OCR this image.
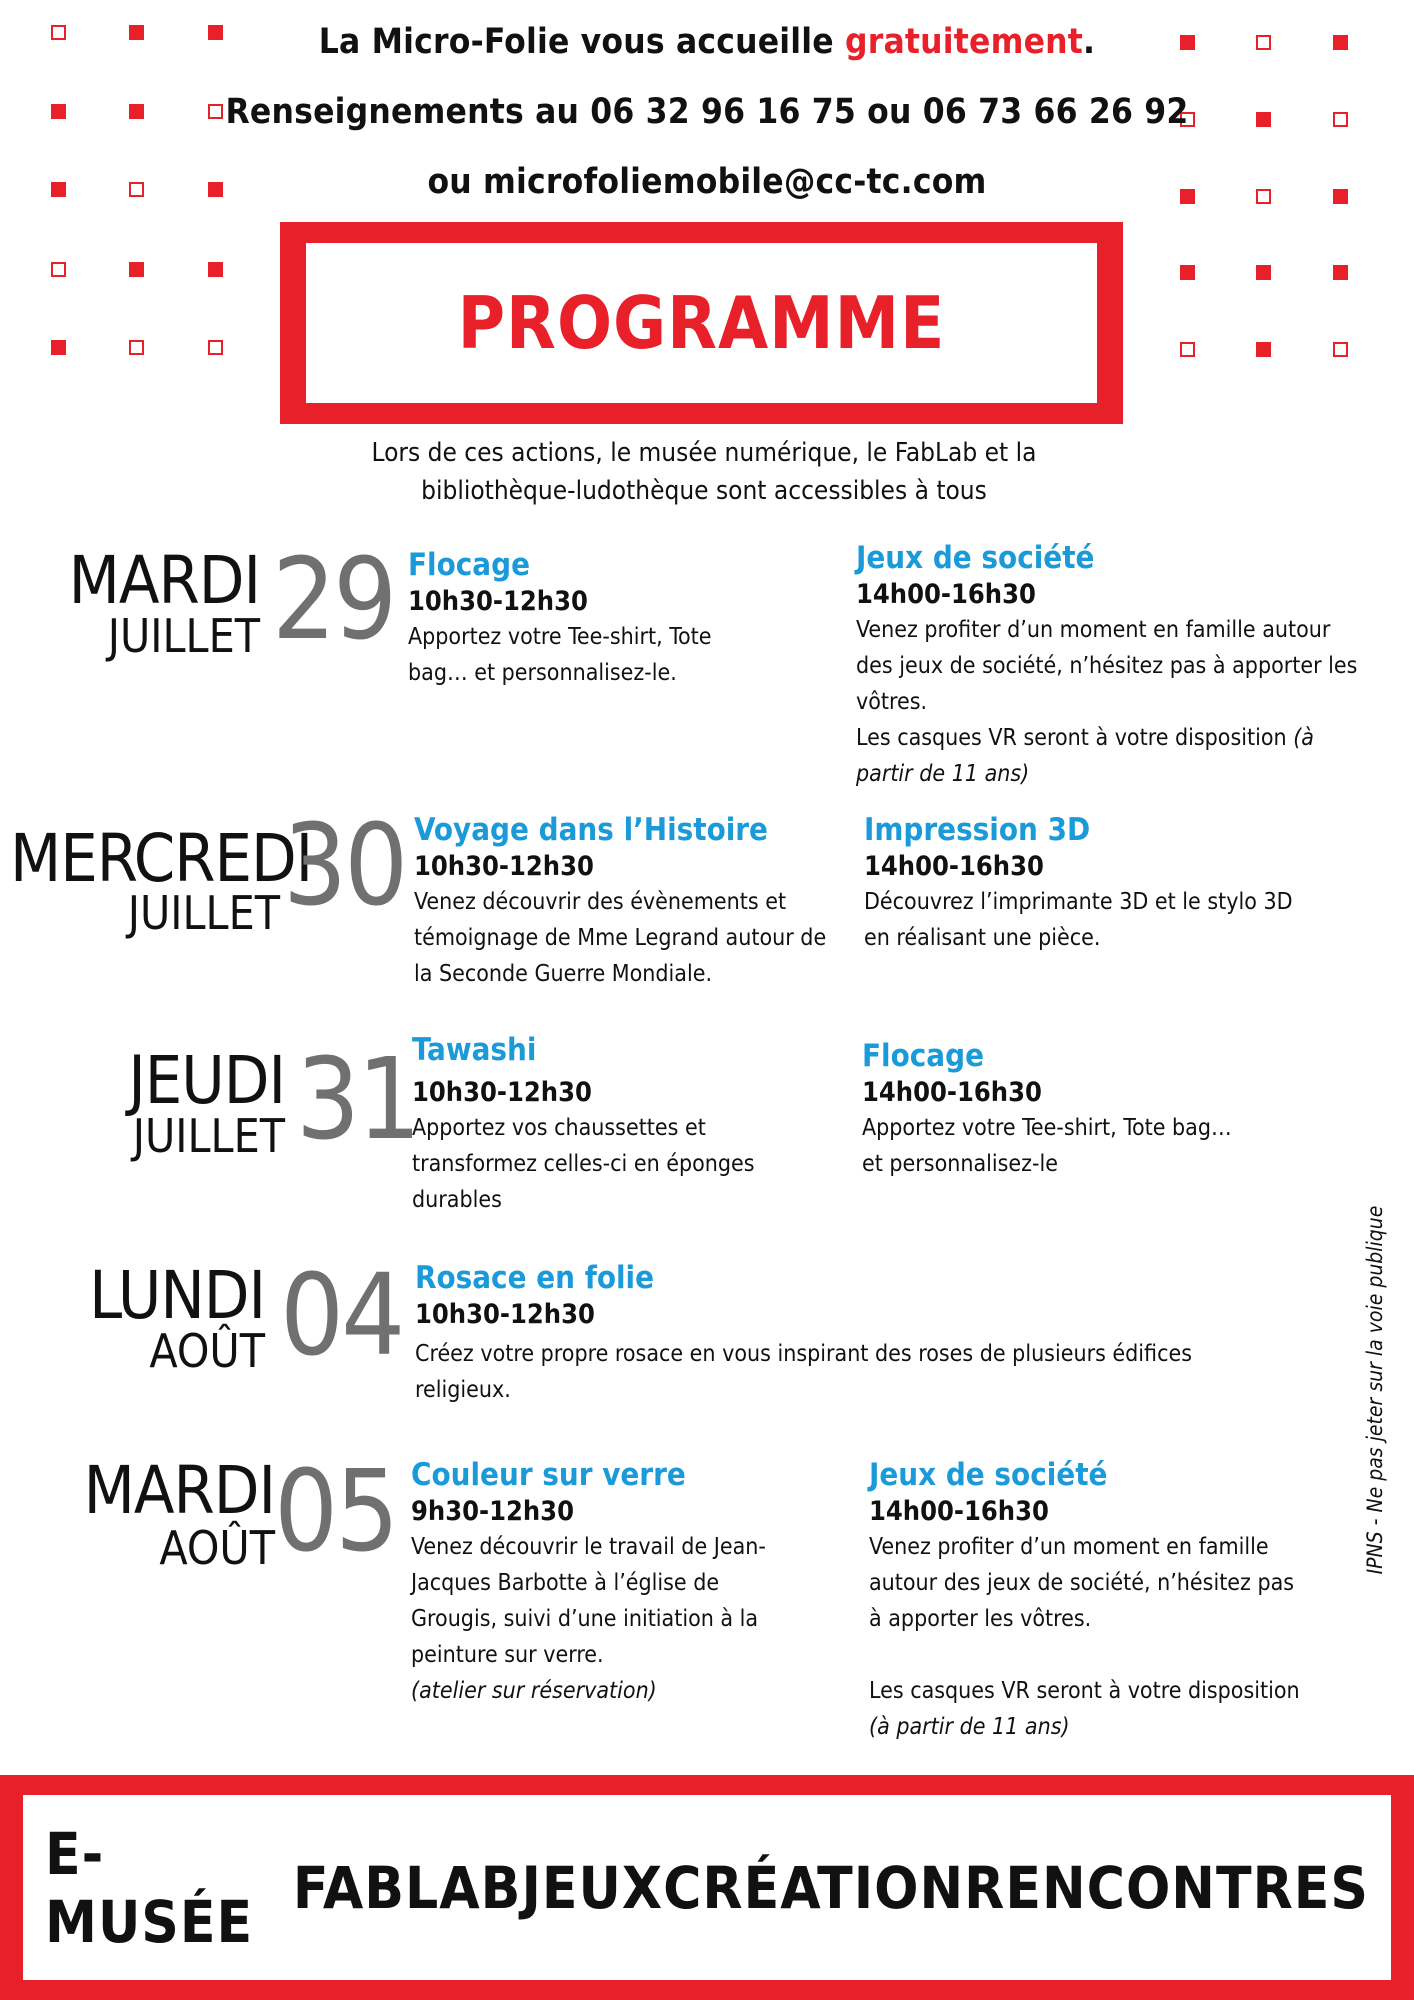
La Micro-Folie vous accueille gratuitement.
Renseignements au 06 32 96 16 75 ou 06 73 66 26 92
ou microfoliemobile@cc-tc.com
PROGRAMME
Lors de ces actions, le musée numérique, le FabLab et la
bibliothèque-ludothèque sont accessibles à tous
MARDI
JUILLET 29 Flocage
10h30-12h30
Apportez votre Tee-shirt, Tote
bag… et personnalisez-le.
Jeux de société
14h00-16h30
Venez profiter d’un moment en famille autour
des jeux de société, n’hésitez pas à apporter les
vôtres.
Les casques VR seront à votre disposition (à
partir de 11 ans)
MERCREDI
JUILLET 30 Voyage dans l’Histoire
10h30-12h30
Venez découvrir des évènements et
témoignage de Mme Legrand autour de
la Seconde Guerre Mondiale.
Impression 3D
14h00-16h30
Découvrez l’imprimante 3D et le stylo 3D
en réalisant une pièce.
JEUDI
JUILLET 31
Tawashi
10h30-12h30
Apportez vos chaussettes et
transformez celles-ci en éponges
durables
Flocage
14h00-16h30
Apportez votre Tee-shirt, Tote bag…
et personnalisez-le
LUNDI
AOÛT 04 Rosace en folie
10h30-12h30
Créez votre propre rosace en vous inspirant des roses de plusieurs édifices
religieux.
MARDI
AOÛT 05 Couleur sur verre
9h30-12h30
Venez découvrir le travail de Jean-
Jacques Barbotte à l’église de
Grougis, suivi d’une initiation à la
peinture sur verre.
(atelier sur réservation)
Jeux de société
14h00-16h30
Venez profiter d’un moment en famille
autour des jeux de société, n’hésitez pas
à apporter les vôtres.
Les casques VR seront à votre disposition
(à partir de 11 ans)
IPNS - Ne pas jeter sur la voie publique
E- MUSÉE FABLAB JEUX CRÉATION RENCONTRES
